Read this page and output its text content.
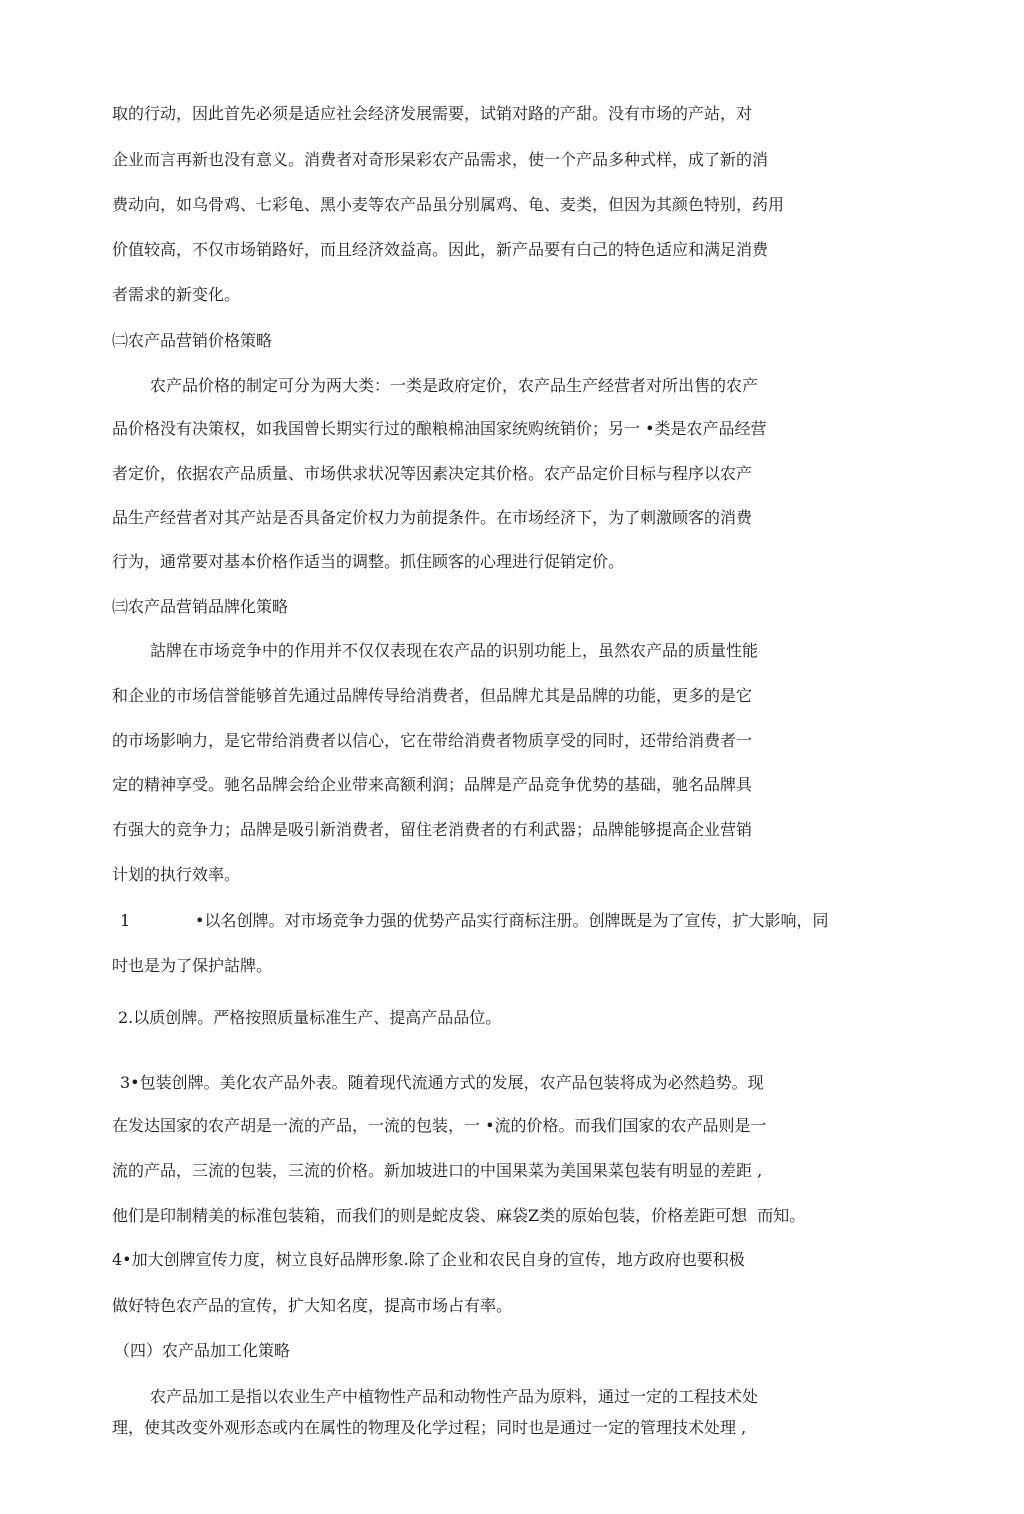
取的行动，因此首先必须是适应社会经济发展需要，试销对路的产甜。没有市场的产站，对

企业而言再新也没有意义。消费者对奇形杲彩农产品需求，使一个产品多种式样，成了新的消

费动向，如乌骨鸡、七彩龟、黑小麦等农产品虽分别属鸡、龟、麦类，但因为其颜色特别，药用

价值较高，不仅市场销路好，而且经济效益高。因此，新产品要有白己的特色适应和满足消费

者需求的新变化。

㈡农产品营销价格策略

农产品价格的制定可分为两大类：一类是政府定价，农产品生产经营者对所出售的农产

品价格没有决策权，如我国曾长期实行过的酿粮棉油国家统购统销价；另一 •类是农产品经营

者定价，依据农产品质量、市场供求状况等因素决定其价格。农产品定价目标与程序以农产

品生产经营者对其产站是否具备定价权力为前提条件。在市场经济下，为了刺激顾客的消费

行为，通常要对基本价格作适当的调整。抓住顾客的心理进行促销定价。

㈢农产品营销品牌化策略

詁牌在市场竞争中的作用并不仅仅表现在农产品的识别功能上，虽然农产品的质量性能

和企业的市场信誉能够首先通过品牌传导给消费者，但品牌尤其是品牌的功能，更多的是它

的市场影响力，是它带给消费者以信心，它在带给消费者物质享受的同时，还带给消费者一

定的精神享受。驰名品牌会给企业带来高额利润；品牌是产品竞争优势的基础，驰名品牌具

冇强大的竞争力；品牌是吸引新消费者，留住老消费者的冇利武器；品牌能够提高企业营销

计划的执行效率。

1	•以名创牌。对市场竞争力强的优势产品实行商标注册。创牌既是为了宣传，扩大影响，同

吋也是为了保护詁牌。

2.以质创牌。严格按照质量标准生产、提高产品品位。

3•包装创牌。美化农产品外表。随着现代流通方式的发展，农产品包装将成为必然趋势。现

在发达国家的农产胡是一流的产品，一流的包装，一 •流的价格。而我们国家的农产品则是一

流的产品，三流的包装，三流的价格。新加坡进口的中国果菜为美国果菜包装有明显的差距 ,

他们是印制精美的标准包装箱，而我们的则是蛇皮袋、麻袋Z类的原始包装，价格差距可想  而知。

4•加大创牌宣传力度，树立良好品牌形象.除了企业和农民自身的宣传，地方政府也要积极

做好特色农产品的宣传，扩大知名度，提高市场占有率。

（四）农产品加工化策略

农产品加工是指以农业生产中植物性产品和动物性产品为原料，通过一定的工程技术处

理，使其改变外观形态或内在属性的物理及化学过程；同时也是通过一定的管理技术处理 ,
